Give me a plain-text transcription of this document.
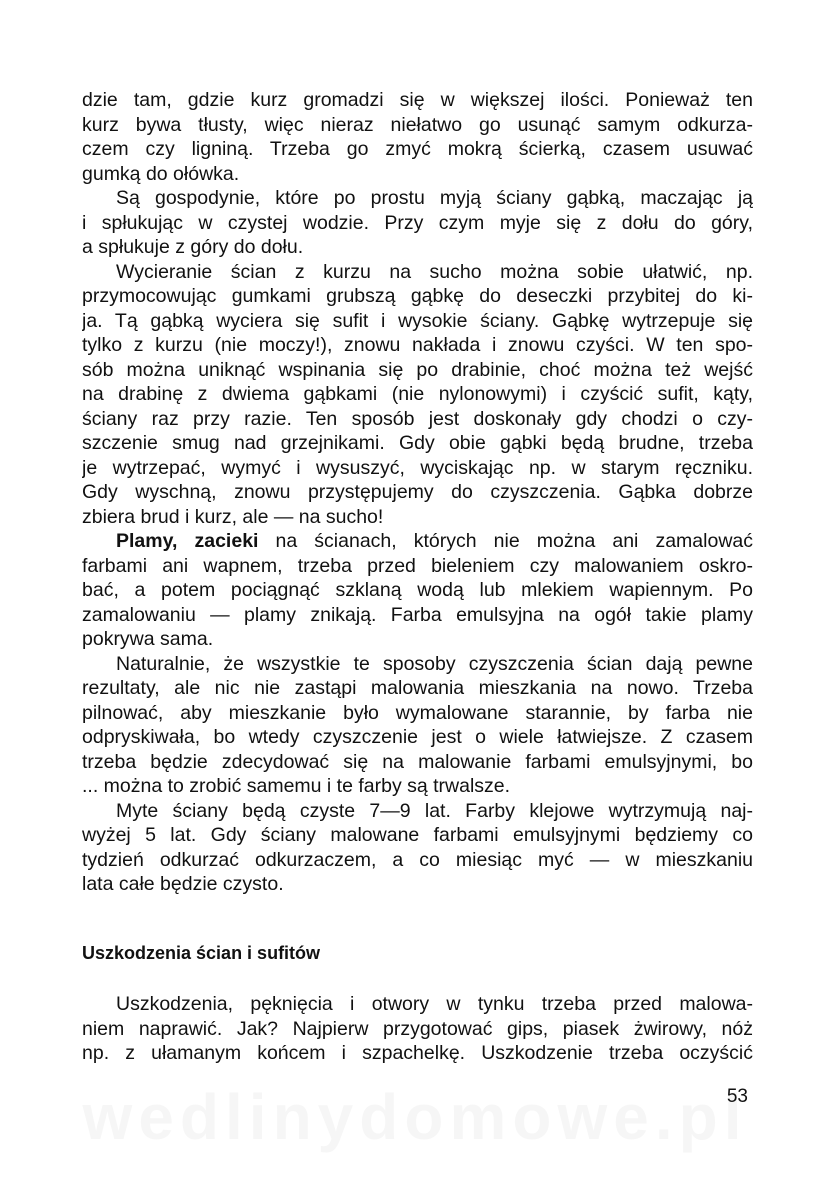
dzie tam, gdzie kurz gromadzi się w większej ilości. Ponieważ ten
kurz bywa tłusty, więc nieraz niełatwo go usunąć samym odkurza-
czem czy ligniną. Trzeba go zmyć mokrą ścierką, czasem usuwać
gumką do ołówka.
Są gospodynie, które po prostu myją ściany gąbką, maczając ją
i spłukując w czystej wodzie. Przy czym myje się z dołu do góry,
a spłukuje z góry do dołu.
Wycieranie ścian z kurzu na sucho można sobie ułatwić, np.
przymocowując gumkami grubszą gąbkę do deseczki przybitej do ki-
ja. Tą gąbką wyciera się sufit i wysokie ściany. Gąbkę wytrzepuje się
tylko z kurzu (nie moczy!), znowu nakłada i znowu czyści. W ten spo-
sób można uniknąć wspinania się po drabinie, choć można też wejść
na drabinę z dwiema gąbkami (nie nylonowymi) i czyścić sufit, kąty,
ściany raz przy razie. Ten sposób jest doskonały gdy chodzi o czy-
szczenie smug nad grzejnikami. Gdy obie gąbki będą brudne, trzeba
je wytrzepać, wymyć i wysuszyć, wyciskając np. w starym ręczniku.
Gdy wyschną, znowu przystępujemy do czyszczenia. Gąbka dobrze
zbiera brud i kurz, ale — na sucho!
Plamy, zacieki na ścianach, których nie można ani zamalować
farbami ani wapnem, trzeba przed bieleniem czy malowaniem oskro-
bać, a potem pociągnąć szklaną wodą lub mlekiem wapiennym. Po
zamalowaniu — plamy znikają. Farba emulsyjna na ogół takie plamy
pokrywa sama.
Naturalnie, że wszystkie te sposoby czyszczenia ścian dają pewne
rezultaty, ale nic nie zastąpi malowania mieszkania na nowo. Trzeba
pilnować, aby mieszkanie było wymalowane starannie, by farba nie
odpryskiwała, bo wtedy czyszczenie jest o wiele łatwiejsze. Z czasem
trzeba będzie zdecydować się na malowanie farbami emulsyjnymi, bo
... można to zrobić samemu i te farby są trwalsze.
Myte ściany będą czyste 7—9 lat. Farby klejowe wytrzymują naj-
wyżej 5 lat. Gdy ściany malowane farbami emulsyjnymi będziemy co
tydzień odkurzać odkurzaczem, a co miesiąc myć — w mieszkaniu
lata całe będzie czysto.
Uszkodzenia ścian i sufitów
Uszkodzenia, pęknięcia i otwory w tynku trzeba przed malowa-
niem naprawić. Jak? Najpierw przygotować gips, piasek żwirowy, nóż
np. z ułamanym końcem i szpachelkę. Uszkodzenie trzeba oczyścić
53
